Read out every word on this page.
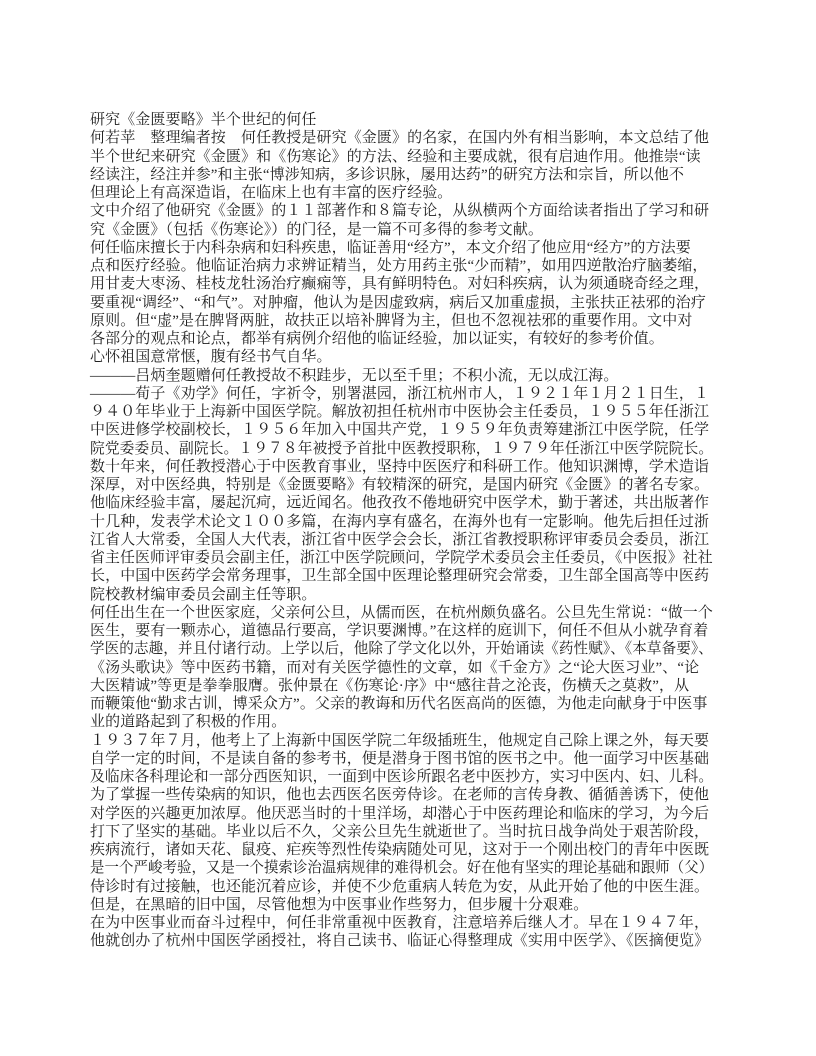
研究《金匮要略》半个世纪的何任
何若苹　整理编者按　何任教授是研究《金匮》的名家，在国内外有相当影响，本文总结了他
半个世纪来研究《金匮》和《伤寒论》的方法、经验和主要成就，很有启迪作用。他推崇“读
经读注，经注并参”和主张“博涉知病，多诊识脉，屡用达药”的研究方法和宗旨，所以他不
但理论上有高深造诣，在临床上也有丰富的医疗经验。
文中介绍了他研究《金匮》的１１部著作和８篇专论，从纵横两个方面给读者指出了学习和研
究《金匮》（包括《伤寒论》）的门径，是一篇不可多得的参考文献。
何任临床擅长于内科杂病和妇科疾患，临证善用“经方”，本文介绍了他应用“经方”的方法要
点和医疗经验。他临证治病力求辨证精当，处方用药主张“少而精”，如用四逆散治疗脑萎缩，
用甘麦大枣汤、桂枝龙牡汤治疗癫痫等，具有鲜明特色。对妇科疾病，认为须通晓奇经之理，
要重视“调经”、“和气”。对肿瘤，他认为是因虚致病，病后又加重虚损，主张扶正祛邪的治疗
原则。但“虚”是在脾肾两脏，故扶正以培补脾肾为主，但也不忽视祛邪的重要作用。文中对
各部分的观点和论点，都举有病例介绍他的临证经验，加以证实，有较好的参考价值。
心怀祖国意常惬，腹有经书气自华。
———吕炳奎题赠何任教授故不积跬步，无以至千里；不积小流，无以成江海。
———荀子《劝学》何任，字祈令，别署湛园，浙江杭州市人，１９２１年１月２１日生，１
９４０年毕业于上海新中国医学院。解放初担任杭州市中医协会主任委员，１９５５年任浙江
中医进修学校副校长，１９５６年加入中国共产党，１９５９年负责筹建浙江中医学院，任学
院党委委员、副院长。１９７８年被授予首批中医教授职称，１９７９年任浙江中医学院院长。
数十年来，何任教授潜心于中医教育事业，坚持中医医疗和科研工作。他知识渊博，学术造诣
深厚，对中医经典，特别是《金匮要略》有较精深的研究，是国内研究《金匮》的著名专家。
他临床经验丰富，屡起沉疴，远近闻名。他孜孜不倦地研究中医学术，勤于著述，共出版著作
十几种，发表学术论文１００多篇，在海内享有盛名，在海外也有一定影响。他先后担任过浙
江省人大常委，全国人大代表，浙江省中医学会会长，浙江省教授职称评审委员会委员，浙江
省主任医师评审委员会副主任，浙江中医学院顾问，学院学术委员会主任委员，《中医报》社社
长，中国中医药学会常务理事，卫生部全国中医理论整理研究会常委，卫生部全国高等中医药
院校教材编审委员会副主任等职。
何任出生在一个世医家庭，父亲何公旦，从儒而医，在杭州颇负盛名。公旦先生常说：“做一个
医生，要有一颗赤心，道德品行要高，学识要渊博。”在这样的庭训下，何任不但从小就孕育着
学医的志趣，并且付诸行动。上学以后，他除了学文化以外，开始诵读《药性赋》、《本草备要》、
《汤头歌诀》等中医药书籍，而对有关医学德性的文章，如《千金方》之“论大医习业”、“论
大医精诚”等更是拳拳服膺。张仲景在《伤寒论·序》中“感往昔之沦丧，伤横夭之莫救”，从
而鞭策他“勤求古训，博采众方”。父亲的教诲和历代名医高尚的医德，为他走向献身于中医事
业的道路起到了积极的作用。
１９３７年７月，他考上了上海新中国医学院二年级插班生，他规定自己除上课之外，每天要
自学一定的时间，不是读自备的参考书，便是潜身于图书馆的医书之中。他一面学习中医基础
及临床各科理论和一部分西医知识，一面到中医诊所跟名老中医抄方，实习中医内、妇、儿科。
为了掌握一些传染病的知识，他也去西医名医旁侍诊。在老师的言传身教、循循善诱下，使他
对学医的兴趣更加浓厚。他厌恶当时的十里洋场，却潜心于中医药理论和临床的学习，为今后
打下了坚实的基础。毕业以后不久，父亲公旦先生就逝世了。当时抗日战争尚处于艰苦阶段，
疾病流行，诸如天花、鼠疫、疟疾等烈性传染病随处可见，这对于一个刚出校门的青年中医既
是一个严峻考验，又是一个摸索诊治温病规律的难得机会。好在他有坚实的理论基础和跟师（父）
侍诊时有过接触，也还能沉着应诊，并使不少危重病人转危为安，从此开始了他的中医生涯。
但是，在黑暗的旧中国，尽管他想为中医事业作些努力，但步履十分艰难。
在为中医事业而奋斗过程中，何任非常重视中医教育，注意培养后继人才。早在１９４７年，
他就创办了杭州中国医学函授社，将自己读书、临证心得整理成《实用中医学》、《医摘便览》
